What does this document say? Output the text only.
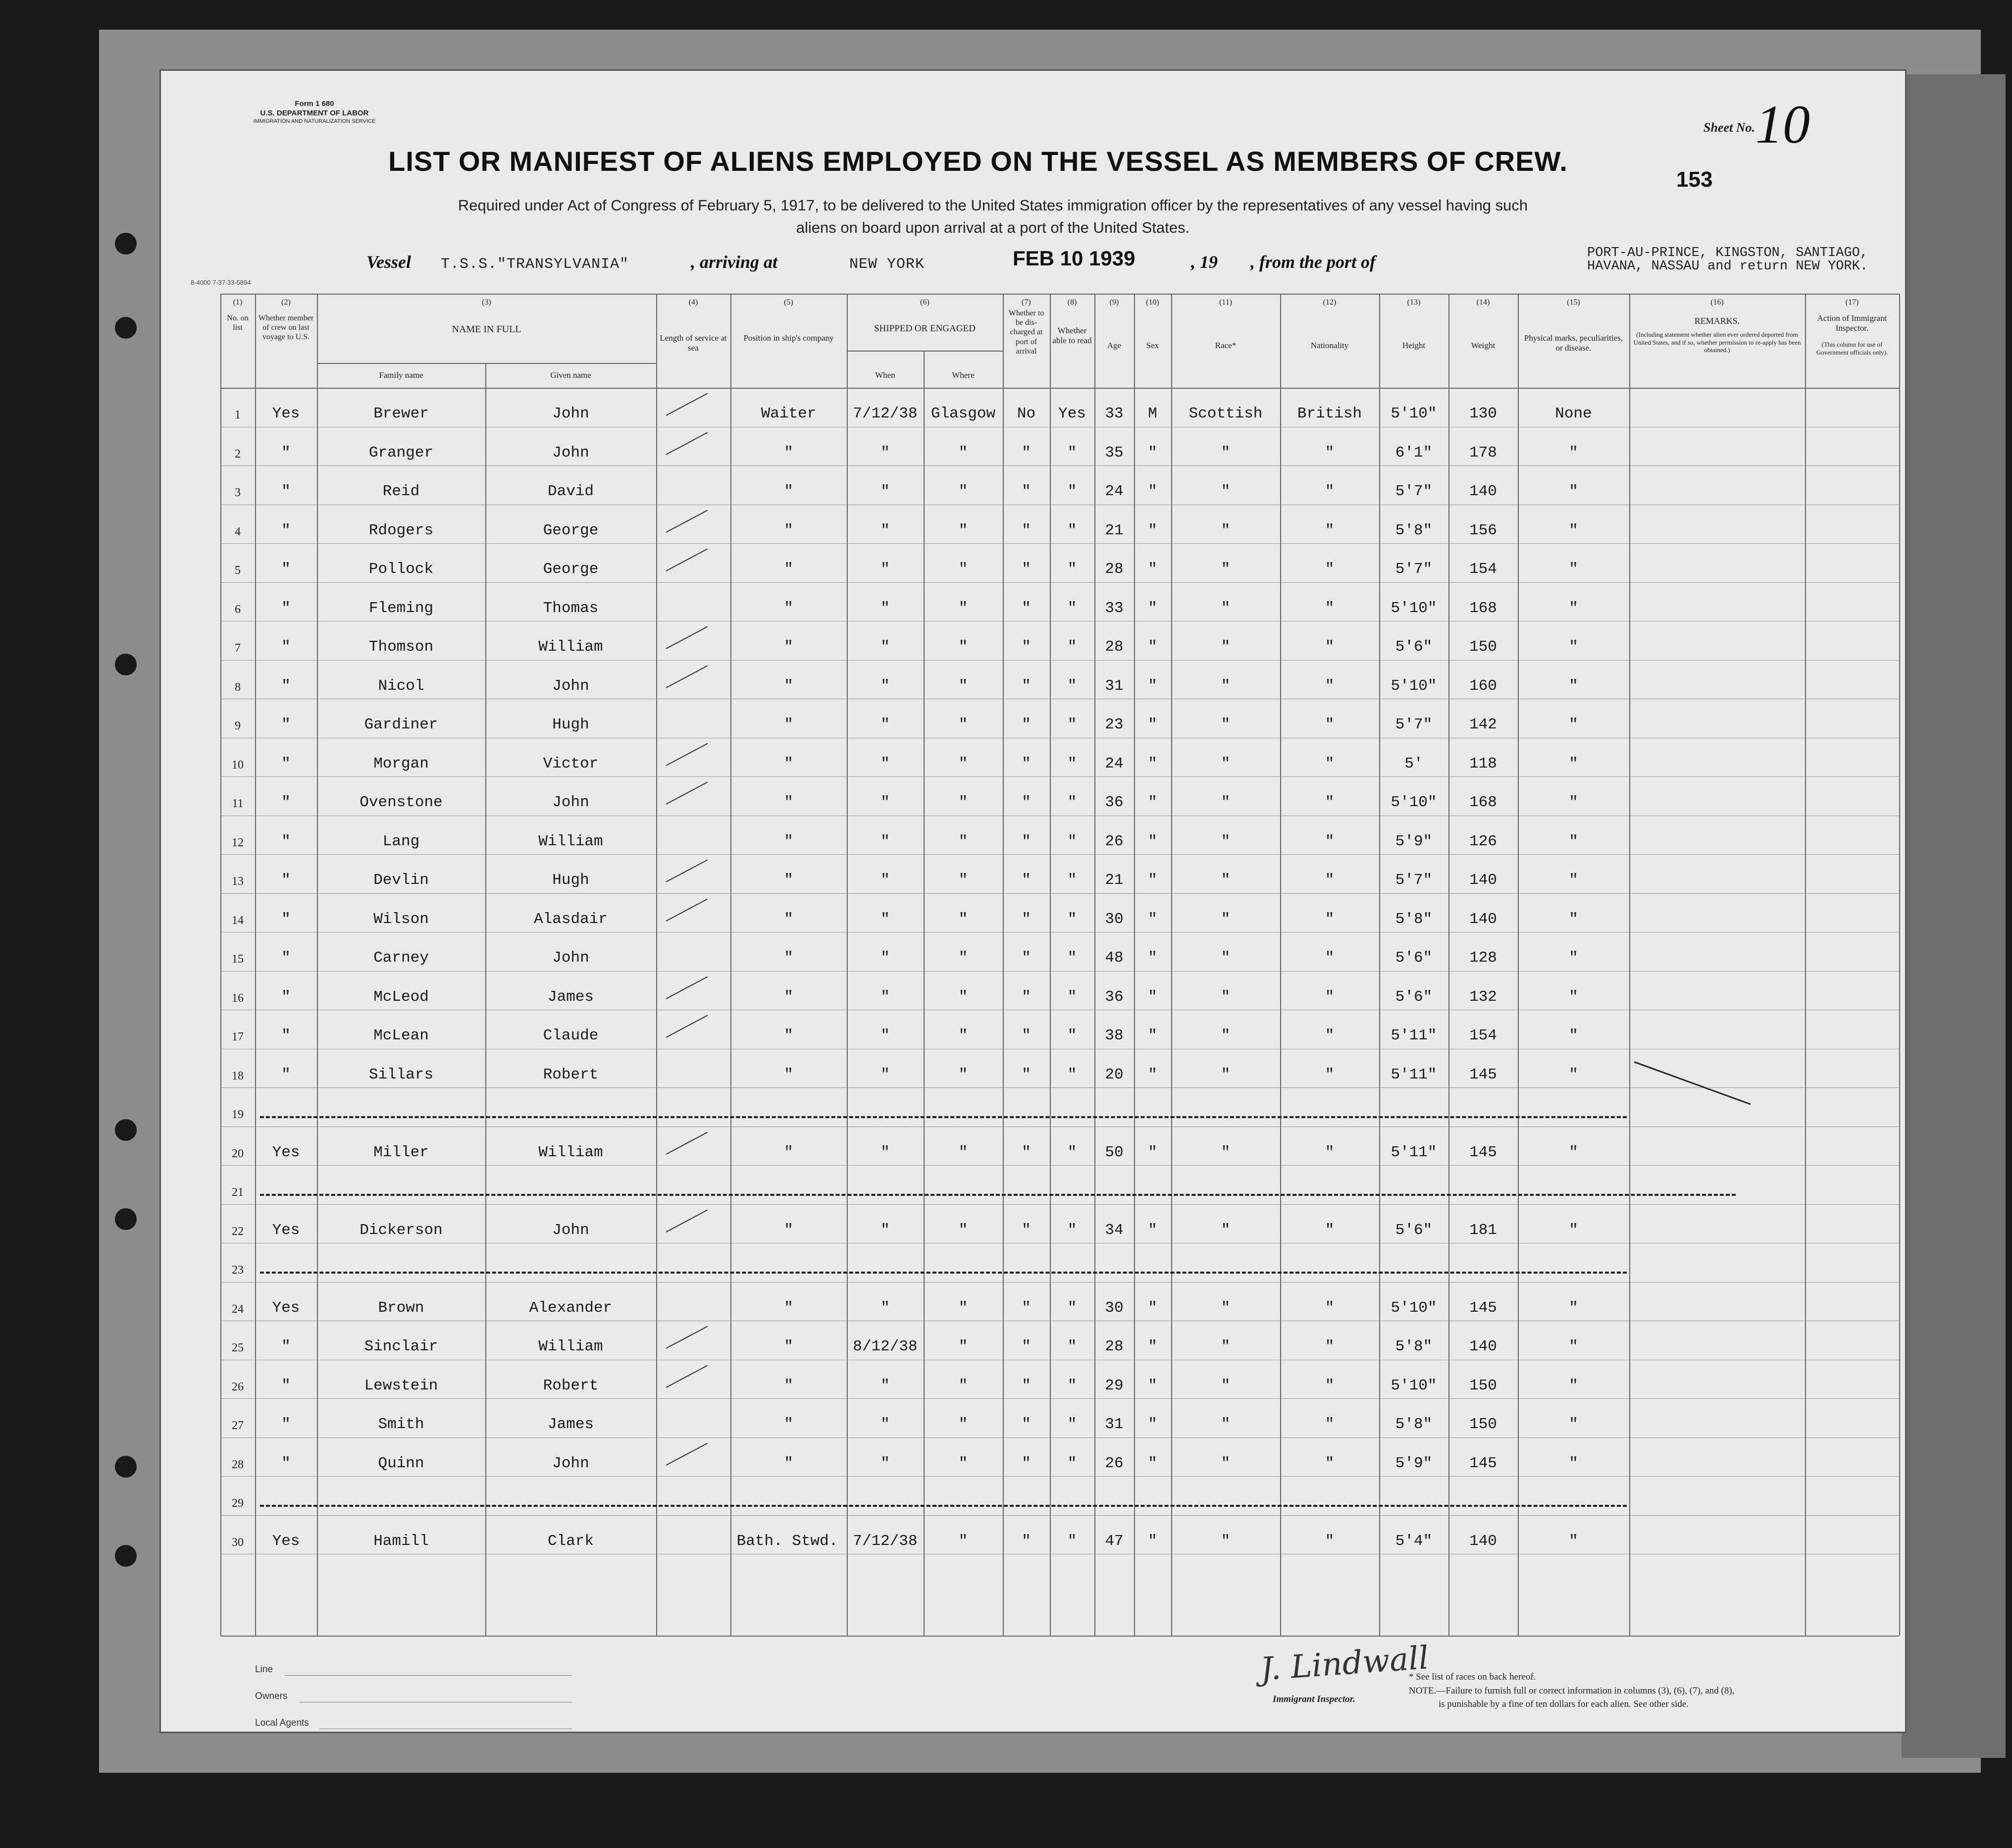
Form 1 680
U.S. DEPARTMENT OF LABOR
IMMIGRATION AND NATURALIZATION SERVICE	Sheet No. 10
153
LIST OR MANIFEST OF ALIENS EMPLOYED ON THE VESSEL AS MEMBERS OF CREW.
Required under Act of Congress of February 5, 1917, to be delivered to the United States immigration officer by the representatives of any vessel having such
aliens on board upon arrival at a port of the United States.
Vessel T.S.S."TRANSYLVANIA"	, arriving at	NEW YORK	FEB 10 1939	, 19 , from the port of	PORT-AU-PRINCE, KINGSTON, SANTIAGO,
HAVANA, NASSAU and return NEW YORK.
8-4000 7-37 33-5894
(1)	(2)	(3)	(4)	(5)	(6)	(7)	(8)	(9)	(10)	(11)	(12)	(13)	(14)	(15)	(16)	(17)
No. on list
Whether member of crew on last voyage to U.S.	Length of service at sea
Position in ship's company
Whether to be dis-charged at port of arrival
Whether able to read
Age	Sex	Race*	Nationality	Height	Weight
Physical marks, peculiarities, or disease.
REMARKS.	Action of Immigrant Inspector.
(Including statement whether alien ever ordered deported from United States, and if so, whether permission to re-apply has been obtained.)
(This column for use of Government officials only).
NAME IN FULL
Family name	Given name
SHIPPED OR ENGAGED
When	Where
1	Yes	Brewer	John	Waiter	7/12/38 Glasgow	No	Yes	33	M	Scottish	British	5'10"	130	None
2	"	Granger	John	"	"	"	"	"	35	"	"	"	6'1"	178	"
3	"	Reid	David	"	"	"	"	"	24	"	"	"	5'7"	140	"
4	"	Rdogers	George	"	"	"	"	"	21	"	"	"	5'8"	156	"
5	"	Pollock	George	"	"	"	"	"	28	"	"	"	5'7"	154	"
6	"	Fleming	Thomas	"	"	"	"	"	33	"	"	"	5'10"	168	"
7	"	Thomson	William	"	"	"	"	"	28	"	"	"	5'6"	150	"
8	"	Nicol	John	"	"	"	"	"	31	"	"	"	5'10"	160	"
9	"	Gardiner	Hugh	"	"	"	"	"	23	"	"	"	5'7"	142	"
10	"	Morgan	Victor	"	"	"	"	"	24	"	"	"	5'	118	"
11	"	Ovenstone	John	"	"	"	"	"	36	"	"	"	5'10"	168	"
12	"	Lang	William	"	"	"	"	"	26	"	"	"	5'9"	126	"
13	"	Devlin	Hugh	"	"	"	"	"	21	"	"	"	5'7"	140	"
14	"	Wilson	Alasdair	"	"	"	"	"	30	"	"	"	5'8"	140	"
15	"	Carney	John	"	"	"	"	"	48	"	"	"	5'6"	128	"
16	"	McLeod	James	"	"	"	"	"	36	"	"	"	5'6"	132	"
17	"	McLean	Claude	"	"	"	"	"	38	"	"	"	5'11"	154	"
18	"	Sillars	Robert	"	"	"	"	"	20	"	"	"	5'11"	145	"
19
20	Yes	Miller	William	"	"	"	"	"	50	"	"	"	5'11"	145	"
21
22	Yes	Dickerson	John	"	"	"	"	"	34	"	"	"	5'6"	181	"
23
24	Yes	Brown	Alexander	"	"	"	"	"	30	"	"	"	5'10"	145	"
25	"	Sinclair	William	"	8/12/38	"	"	"	28	"	"	"	5'8"	140	"
26	"	Lewstein	Robert	"	"	"	"	"	29	"	"	"	5'10"	150	"
27	"	Smith	James	"	"	"	"	"	31	"	"	"	5'8"	150	"
28	"	Quinn	John	"	"	"	"	"	26	"	"	"	5'9"	145	"
29
30	Yes	Hamill	Clark	Bath. Stwd. 7/12/38	"	"	"	47	"	"	"	5'4"	140	"
Line
Owners
Local Agents
J. Lindwall
Immigrant Inspector.
* See list of races on back hereof.
NOTE.—Failure to furnish full or correct information in columns (3), (6), (7), and (8),
is punishable by a fine of ten dollars for each alien. See other side.
